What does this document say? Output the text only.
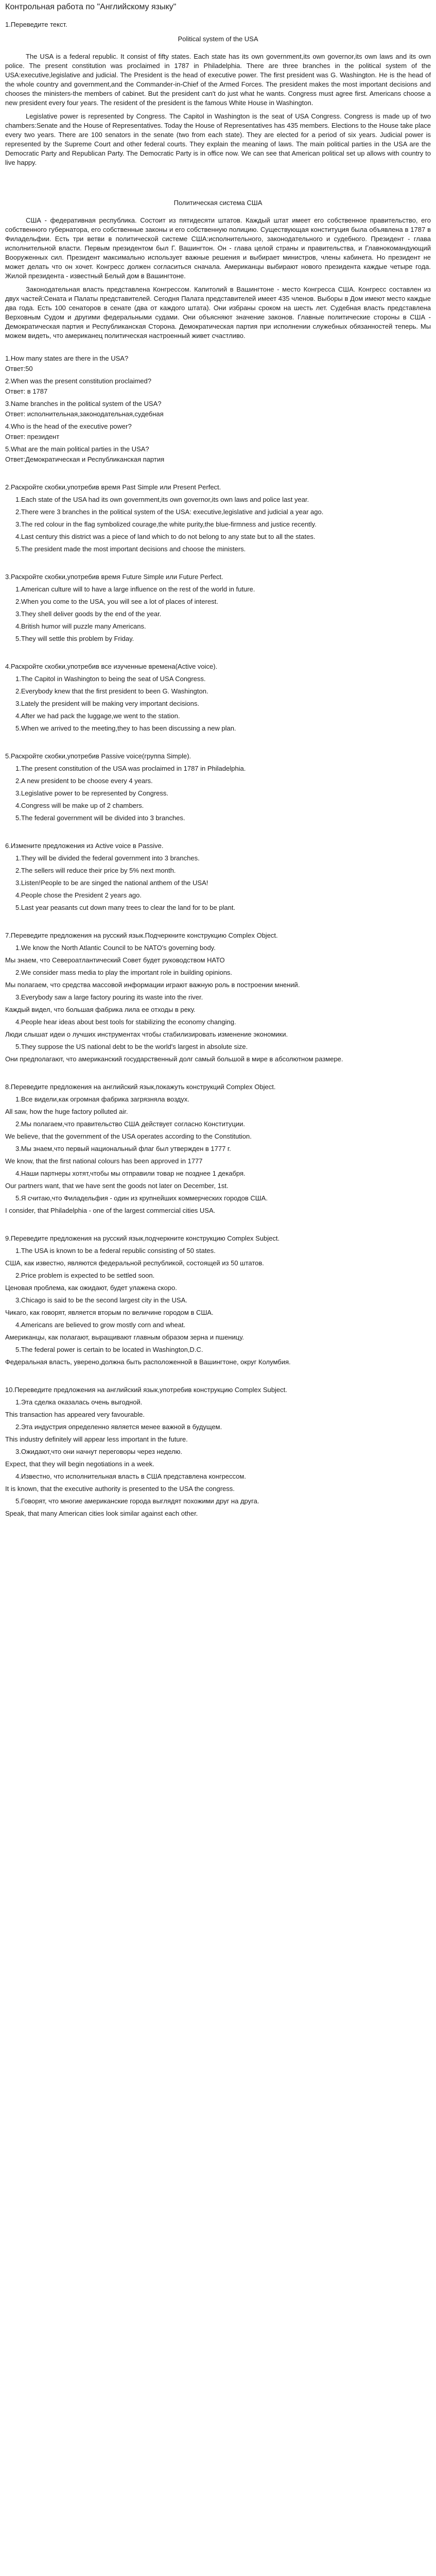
Контрольная работа по "Английскому языку"
1.Переведите текст.
Political system of the USA

The USA is a federal republic. It consist of fifty states. Each state has its own government,its own governor,its own laws and its own police. The present constitution was proclaimed in 1787 in Philadelphia. There are three branches in the political system of the USA:executive,legislative and judicial. The President is the head of executive power. The first president was G. Washington. He is the head of the whole country and government,and the Commander-in-Chief of the Armed Forces. The president makes the most important decisions and chooses the ministers-the members of cabinet. But the president can't do just what he wants. Congress must agree first. Americans choose a new president every four years. The resident of the president is the famous White House in Washington.

Legislative power is represented by Congress. The Capitol in Washington is the seat of USA Congress. Congress is made up of two chambers:Senate and the House of Representatives. Today the House of Representatives has 435 members. Elections to the House take place every two years. There are 100 senators in the senate (two from each state). They are elected for a period of six years. Judicial power is represented by the Supreme Court and other federal courts. They explain the meaning of laws. The main political parties in the USA are the Democratic Party and Republican Party. The Democratic Party is in office now. We can see that American political set up allows with country to live happy.

Политическая система США

США - федеративная республика. Состоит из пятидесяти штатов. Каждый штат имеет его собственное правительство, его собственного губернатора, его собственные законы и его собственную полицию. Существующая конституция была объявлена в 1787 в Филадельфии. Есть три ветви в политической системе США:исполнительного, законодательного и судебного. Президент - глава исполнительной власти. Первым президентом был Г. Вашингтон. Он - глава целой страны и правительства, и Главнокомандующий Вооруженных сил. Президент максимально использует важные решения и выбирает министров, члены кабинета. Но президент не может делать что он хочет. Конгресс должен согласиться сначала. Американцы выбирают нового президента каждые четыре года. Жилой президента - известный Белый дом в Вашингтоне.

Законодательная власть представлена Конгрессом. Капитолий в Вашингтоне - место Конгресса США. Конгресс составлен из двух частей:Сената и Палаты представителей. Сегодня Палата представителей имеет 435 членов. Выборы в Дом имеют место каждые два года. Есть 100 сенаторов в сенате (два от каждого штата). Они избраны сроком на шесть лет. Судебная власть представлена Верховным Судом и другими федеральными судами. Они объясняют значение законов. Главные политические стороны в США - Демократическая партия и Республиканская Сторона. Демократическая партия при исполнении служебных обязанностей теперь. Мы можем видеть, что американец политическая настроенный живет счастливо.

1.How many states are there in the USA?
Ответ:50
2.When was the present constitution proclaimed?
Ответ: в 1787
3.Name branches in the political system of the USA?
Ответ: исполнительная,законодательная,судебная
4.Who is the head of the executive power?
Ответ: президент
5.What are the main political parties in the USA?
Ответ:Демократическая и Республиканская партия
2.Раскройте скобки,употребив время Past Simple или Present Perfect.
1.Each state of the USA had its own government,its own governor,its own laws and police last year.
2.There were 3 branches in the political system of the USA: executive,legislative and judicial a year ago.
3.The red colour in the flag symbolized courage,the white purity,the blue-firmness and justice recently.
4.Last century this district was a piece of land which to do not belong to any state but to all the states.
5.The president made the most important decisions and choose the ministers.
3.Раскройте скобки,употребив время Future Simple или Future Perfect.
1.American culture will to have a large influence on the rest of the world in future.
2.When you come to the USA, you will see a lot of places of interest.
3.They shell deliver goods by the end of the year.
4.British humor will puzzle many Americans.
5.They will settle this problem by Friday.
4.Раскройте скобки,употребив все изученные времена(Active voice).
1.The Capitol in Washington to being the seat of USA Congress.
2.Everybody knew that the first president to been G. Washington.
3.Lately the president will be making very important decisions.
4.After we had pack the luggage,we went to the station.
5.When we arrived to the meeting,they to has been discussing a new plan.
5.Раскройте скобки,употребив Passive voice(группа Simple).
1.The present constitution of the USA was proclaimed in 1787 in Philadelphia.
2.A new president to be choose every 4 years.
3.Legislative power to be represented by Congress.
4.Congress will be make up of 2 chambers.
5.The federal government will be divided into 3 branches.
6.Измените предложения из Active voice в Passive.
1.They will be divided the federal government into 3 branches.
2.The sellers will reduce their price by 5% next month.
3.Listen!People to be are singed the national anthem of the USA!
4.People chose the President 2 years ago.
5.Last year peasants cut down many trees to clear the land for to be plant.
7.Переведите предложения на русский язык.Подчеркните конструкцию Complex Object.
1.We know the North Atlantic Council to be NATO's governing body.
Мы знаем, что Североатлантический Совет будет руководством НАТО
2.We consider mass media to play the important role in building opinions.
Мы полагаем, что средства массовой информации играют важную роль в построении мнений.
3.Everybody saw a large factory pouring its waste into the river.
Каждый видел, что большая фабрика лила ее отходы в реку.
4.People hear ideas about best tools for stabilizing the economy changing.
Люди слышат идеи о лучших инструментах чтобы стабилизировать изменение экономики.
5.They suppose the US national debt to be the world's largest in absolute size.
Они предполагают, что американский государственный долг самый большой в мире в абсолютном размере.
8.Переведите предложения на английский язык,покажуть конструкций Complex Object.
1.Все видели,как огромная фабрика загрязняла воздух.
All saw, how the huge factory polluted air.
2.Мы полагаем,что правительство США действует согласно Конституции.
We believe, that the government of the USA operates according to the Constitution.
3.Мы знаем,что первый национальный флаг был утвержден в 1777 г.
We know, that the first national colours has been approved in 1777
4.Наши партнеры хотят,чтобы мы отправили товар не позднее 1 декабря.
Our partners want, that we have sent the goods not later on December, 1st.
5.Я считаю,что Филадельфия - один из крупнейших коммерческих городов США.
I consider, that Philadelphia - one of the largest commercial cities USA.
9.Переведите предложения на русский язык,подчеркните конструкцию Complex Subject.
1.The USA is known to be a federal republic consisting of 50 states.
США, как известно, являются федеральной республикой, состоящей из 50 штатов.
2.Price problem is expected to be settled soon.
Ценовая проблема, как ожидают, будет улажена скоро.
3.Chicago is said to be the second largest city in the USA.
Чикаго, как говорят, является вторым по величине городом в США.
4.Americans are believed to grow mostly corn and wheat.
Американцы, как полагают, выращивают главным образом зерна и пшеницу.
5.The federal power is certain to be located in Washington,D.C.
Федеральная власть, уверено,должна быть расположенной в Вашингтоне, округ Колумбия.
10.Переведите предложения на английский язык,употребив конструкцию Complex Subject.
1.Эта сделка оказалась очень выгодной.
This transaction has appeared very favourable.
2.Эта индустрия определенно является менее важной в будущем.
This industry definitely will appear less important in the future.
3.Ожидают,что они начнут переговоры через неделю.
Expect, that they will begin negotiations in a week.
4.Известно, что исполнительная власть в США представлена конгрессом.
It is known, that the executive authority is presented to the USA the congress.
5.Говорят, что многие американские города выглядят похожими друг на друга.
Speak, that many American cities look similar against each other.
